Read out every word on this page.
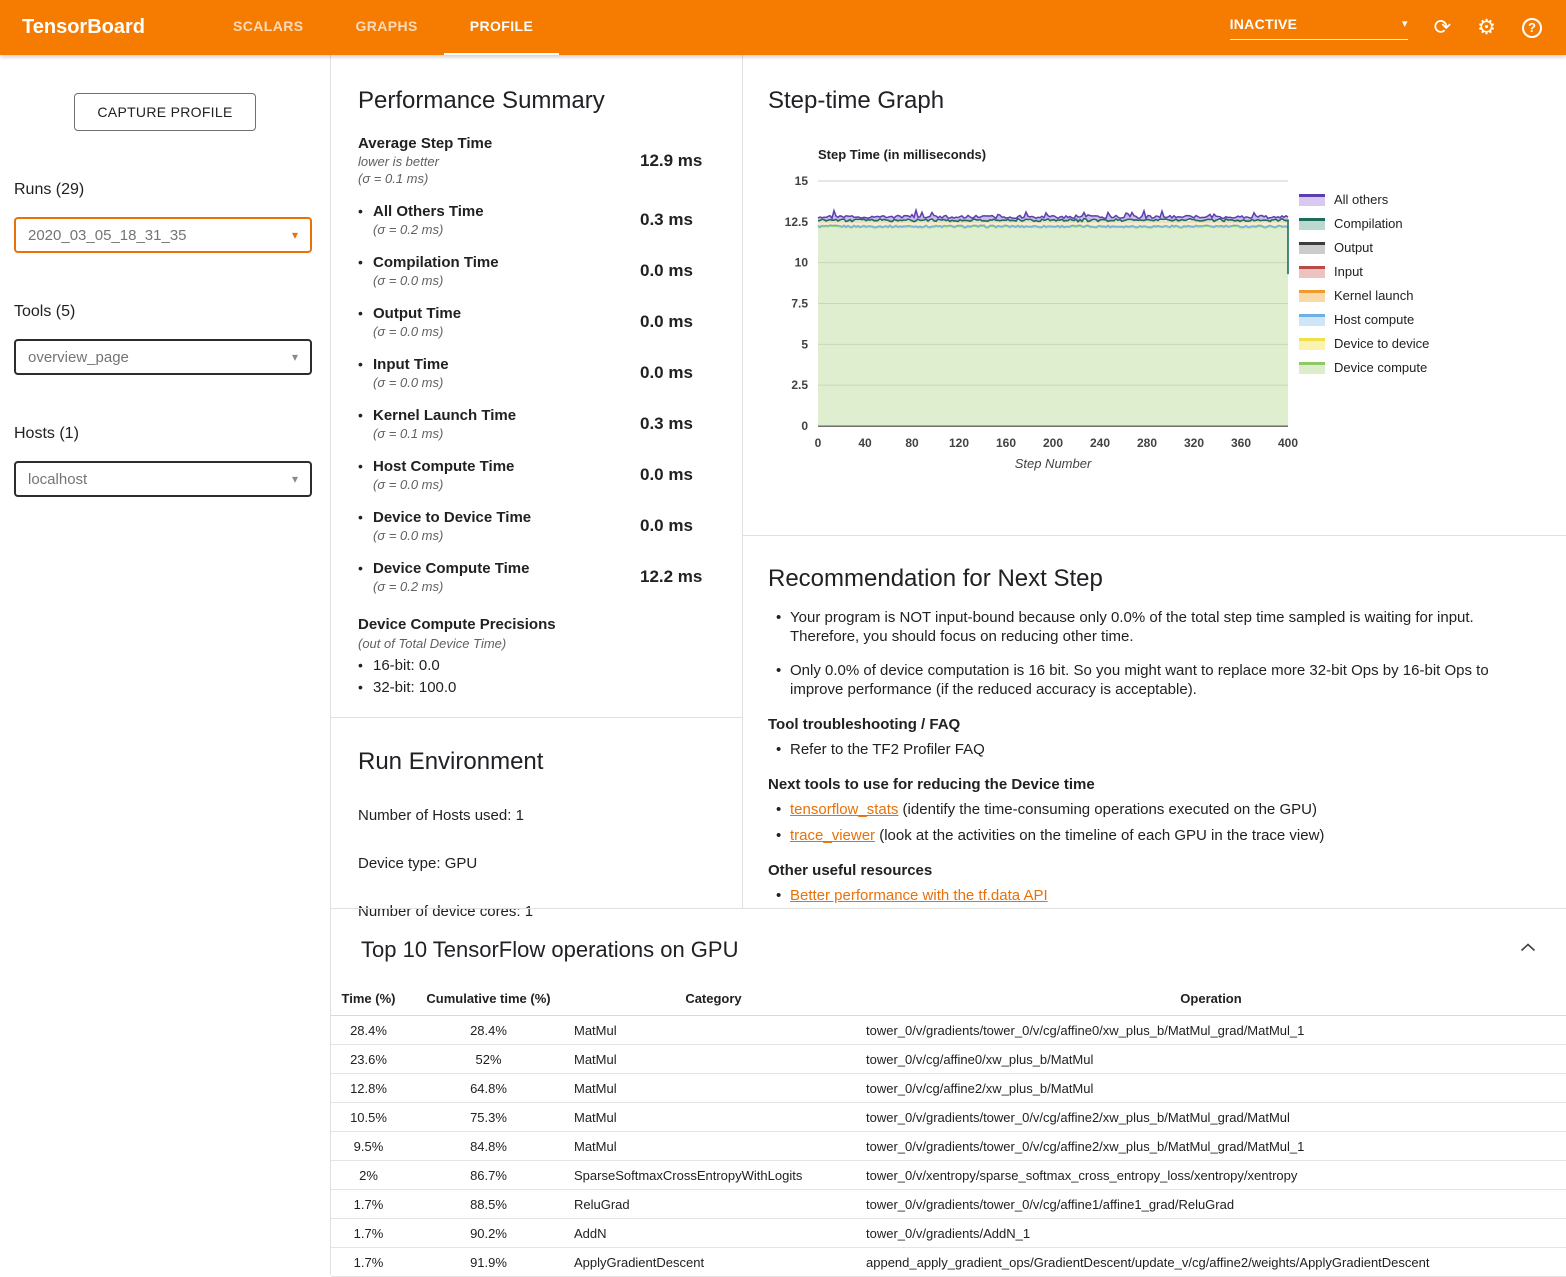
TensorBoard	SCALARS	GRAPHS	PROFILE	INACTIVE	▾ ⟳ ⚙	?
CAPTURE PROFILE
Runs (29)
2020_03_05_18_31_35	▾
Tools (5)
overview_page	▾
Hosts (1)
localhost	▾
Performance Summary
Average Step Time
lower is better
(σ = 0.1 ms)
12.9 ms
• All Others Time
(σ = 0.2 ms)
0.3 ms
• Compilation Time
(σ = 0.0 ms)
0.0 ms
• Output Time
(σ = 0.0 ms)
0.0 ms
• Input Time
(σ = 0.0 ms)
0.0 ms
• Kernel Launch Time
(σ = 0.1 ms)
0.3 ms
• Host Compute Time
(σ = 0.0 ms)
0.0 ms
• Device to Device Time
(σ = 0.0 ms)
0.0 ms
• Device Compute Time
(σ = 0.2 ms)
12.2 ms
Device Compute Precisions
(out of Total Device Time)
• 16-bit: 0.0
• 32-bit: 100.0
Run Environment
Number of Hosts used: 1
Device type: GPU
Number of device cores: 1
Step-time Graph
0
2.5
5
7.5
10
12.5
15
0	40	80	120 160 200 240 280 320 360 400
Step Time (in milliseconds)
Step Number
All others
Compilation
Output
Input
Kernel launch
Host compute
Device to device
Device compute
Recommendation for Next Step
• Your program is NOT input-bound because only 0.0% of the total step time sampled is waiting for input. Therefore, you should focus on reducing other time.
• Only 0.0% of device computation is 16 bit. So you might want to replace more 32-bit Ops by 16-bit Ops to improve performance (if the reduced accuracy is acceptable).
Tool troubleshooting / FAQ
• Refer to the TF2 Profiler FAQ
Next tools to use for reducing the Device time
• tensorflow_stats (identify the time-consuming operations executed on the GPU)
• trace_viewer (look at the activities on the timeline of each GPU in the trace view)
Other useful resources
• Better performance with the tf.data API
Top 10 TensorFlow operations on GPU
Time (%)	Cumulative time (%)	Category	Operation
28.4%	28.4%	MatMul	tower_0/v/gradients/tower_0/v/cg/affine0/xw_plus_b/MatMul_grad/MatMul_1
23.6%	52%	MatMul	tower_0/v/cg/affine0/xw_plus_b/MatMul
12.8%	64.8%	MatMul	tower_0/v/cg/affine2/xw_plus_b/MatMul
10.5%	75.3%	MatMul	tower_0/v/gradients/tower_0/v/cg/affine2/xw_plus_b/MatMul_grad/MatMul
9.5%	84.8%	MatMul	tower_0/v/gradients/tower_0/v/cg/affine2/xw_plus_b/MatMul_grad/MatMul_1
2%	86.7%	SparseSoftmaxCrossEntropyWithLogits	tower_0/v/xentropy/sparse_softmax_cross_entropy_loss/xentropy/xentropy
1.7%	88.5%	ReluGrad	tower_0/v/gradients/tower_0/v/cg/affine1/affine1_grad/ReluGrad
1.7%	90.2%	AddN	tower_0/v/gradients/AddN_1
1.7%	91.9%	ApplyGradientDescent	append_apply_gradient_ops/GradientDescent/update_v/cg/affine2/weights/ApplyGradientDescent
